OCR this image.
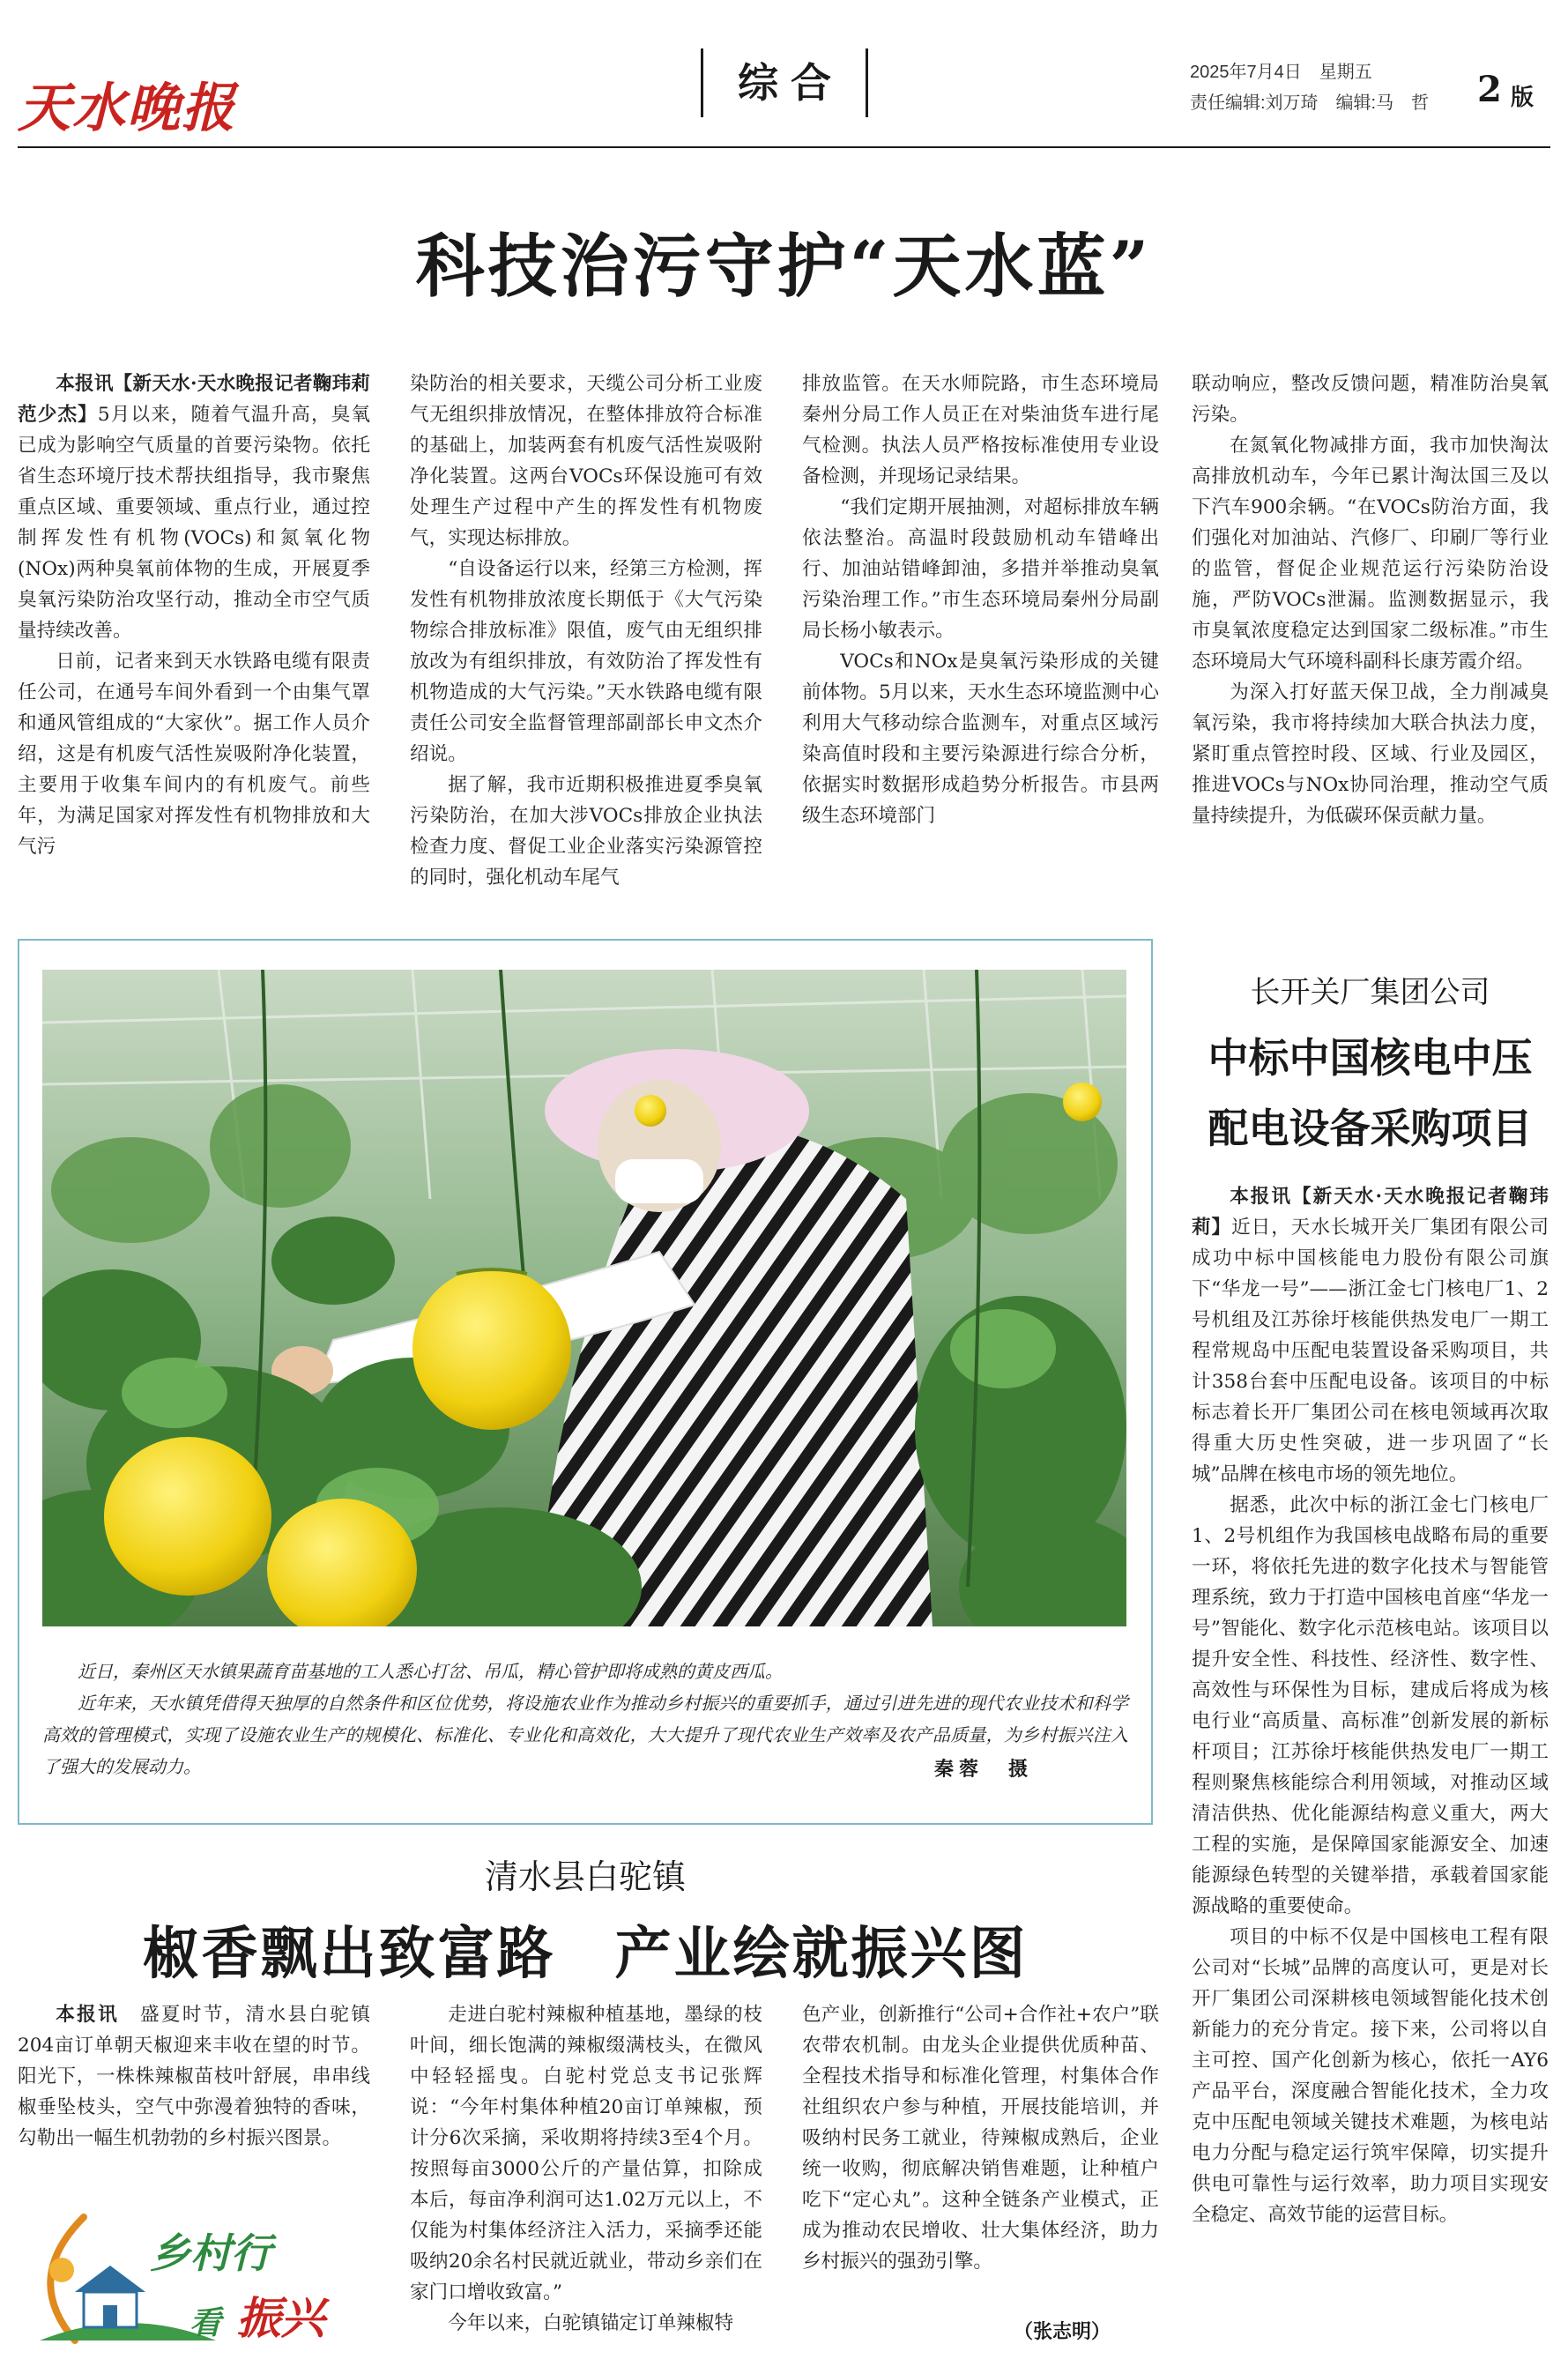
天水晚报	综合	2025年7月4日　星期五
责任编辑:刘万琦　编辑:马　哲 2 版
科技治污守护“天水蓝”

本报讯【新天水·天水晚报记者鞠玮莉　范少杰】5月以来，随着气温升高，臭氧已成为影响空气质量的首要污染物。依托省生态环境厅技术帮扶组指导，我市聚焦重点区域、重要领域、重点行业，通过控制挥发性有机物(VOCs)和氮氧化物(NOx)两种臭氧前体物的生成，开展夏季臭氧污染防治攻坚行动，推动全市空气质量持续改善。

日前，记者来到天水铁路电缆有限责任公司，在通号车间外看到一个由集气罩和通风管组成的“大家伙”。据工作人员介绍，这是有机废气活性炭吸附净化装置，主要用于收集车间内的有机废气。前些年，为满足国家对挥发性有机物排放和大气污

染防治的相关要求，天缆公司分析工业废气无组织排放情况，在整体排放符合标准的基础上，加装两套有机废气活性炭吸附净化装置。这两台VOCs环保设施可有效处理生产过程中产生的挥发性有机物废气，实现达标排放。

“自设备运行以来，经第三方检测，挥发性有机物排放浓度长期低于《大气污染物综合排放标准》限值，废气由无组织排放改为有组织排放，有效防治了挥发性有机物造成的大气污染。”天水铁路电缆有限责任公司安全监督管理部副部长申文杰介绍说。

据了解，我市近期积极推进夏季臭氧污染防治，在加大涉VOCs排放企业执法检查力度、督促工业企业落实污染源管控的同时，强化机动车尾气

排放监管。在天水师院路，市生态环境局秦州分局工作人员正在对柴油货车进行尾气检测。执法人员严格按标准使用专业设备检测，并现场记录结果。

“我们定期开展抽测，对超标排放车辆依法整治。高温时段鼓励机动车错峰出行、加油站错峰卸油，多措并举推动臭氧污染治理工作。”市生态环境局秦州分局副局长杨小敏表示。

VOCs和NOx是臭氧污染形成的关键前体物。5月以来，天水生态环境监测中心利用大气移动综合监测车，对重点区域污染高值时段和主要污染源进行综合分析，依据实时数据形成趋势分析报告。市县两级生态环境部门

联动响应，整改反馈问题，精准防治臭氧污染。

在氮氧化物减排方面，我市加快淘汰高排放机动车，今年已累计淘汰国三及以下汽车900余辆。“在VOCs防治方面，我们强化对加油站、汽修厂、印刷厂等行业的监管，督促企业规范运行污染防治设施，严防VOCs泄漏。监测数据显示，我市臭氧浓度稳定达到国家二级标准。”市生态环境局大气环境科副科长康芳霞介绍。

为深入打好蓝天保卫战，全力削减臭氧污染，我市将持续加大联合执法力度，紧盯重点管控时段、区域、行业及园区，推进VOCs与NOx协同治理，推动空气质量持续提升，为低碳环保贡献力量。

近日，秦州区天水镇果蔬育苗基地的工人悉心打岔、吊瓜，精心管护即将成熟的黄皮西瓜。

近年来，天水镇凭借得天独厚的自然条件和区位优势，将设施农业作为推动乡村振兴的重要抓手，通过引进先进的现代农业技术和科学高效的管理模式，实现了设施农业生产的规模化、标准化、专业化和高效化，大大提升了现代农业生产效率及农产品质量，为乡村振兴注入了强大的发展动力。	秦蓉　摄
长开关厂集团公司
中标中国核电中压
配电设备采购项目

本报讯【新天水·天水晚报记者鞠玮莉】近日，天水长城开关厂集团有限公司成功中标中国核能电力股份有限公司旗下“华龙一号”——浙江金七门核电厂1、2号机组及江苏徐圩核能供热发电厂一期工程常规岛中压配电装置设备采购项目，共计358台套中压配电设备。该项目的中标标志着长开厂集团公司在核电领域再次取得重大历史性突破，进一步巩固了“长城”品牌在核电市场的领先地位。

据悉，此次中标的浙江金七门核电厂1、2号机组作为我国核电战略布局的重要一环，将依托先进的数字化技术与智能管理系统，致力于打造中国核电首座“华龙一号”智能化、数字化示范核电站。该项目以提升安全性、科技性、经济性、数字性、高效性与环保性为目标，建成后将成为核电行业“高质量、高标准”创新发展的新标杆项目；江苏徐圩核能供热发电厂一期工程则聚焦核能综合利用领域，对推动区域清洁供热、优化能源结构意义重大，两大工程的实施，是保障国家能源安全、加速能源绿色转型的关键举措，承载着国家能源战略的重要使命。

项目的中标不仅是中国核电工程有限公司对“长城”品牌的高度认可，更是对长开厂集团公司深耕核电领域智能化技术创新能力的充分肯定。接下来，公司将以自主可控、国产化创新为核心，依托一AY6产品平台，深度融合智能化技术，全力攻克中压配电领域关键技术难题，为核电站电力分配与稳定运行筑牢保障，切实提升供电可靠性与运行效率，助力项目实现安全稳定、高效节能的运营目标。

清水县白驼镇
椒香飘出致富路　产业绘就振兴图

本报讯　盛夏时节，清水县白驼镇204亩订单朝天椒迎来丰收在望的时节。阳光下，一株株辣椒苗枝叶舒展，串串线椒垂坠枝头，空气中弥漫着独特的香味，勾勒出一幅生机勃勃的乡村振兴图景。

走进白驼村辣椒种植基地，墨绿的枝叶间，细长饱满的辣椒缀满枝头，在微风中轻轻摇曳。白驼村党总支书记张辉说：“今年村集体种植20亩订单辣椒，预计分6次采摘，采收期将持续3至4个月。按照每亩3000公斤的产量估算，扣除成本后，每亩净利润可达1.02万元以上，不仅能为村集体经济注入活力，采摘季还能吸纳20余名村民就近就业，带动乡亲们在家门口增收致富。”

今年以来，白驼镇锚定订单辣椒特

色产业，创新推行“公司+合作社+农户”联农带农机制。由龙头企业提供优质种苗、全程技术指导和标准化管理，村集体合作社组织农户参与种植，开展技能培训，并吸纳村民务工就业，待辣椒成熟后，企业统一收购，彻底解决销售难题，让种植户吃下“定心丸”。这种全链条产业模式，正成为推动农民增收、壮大集体经济，助力乡村振兴的强劲引擎。

（张志明）
乡村行
看 振兴
